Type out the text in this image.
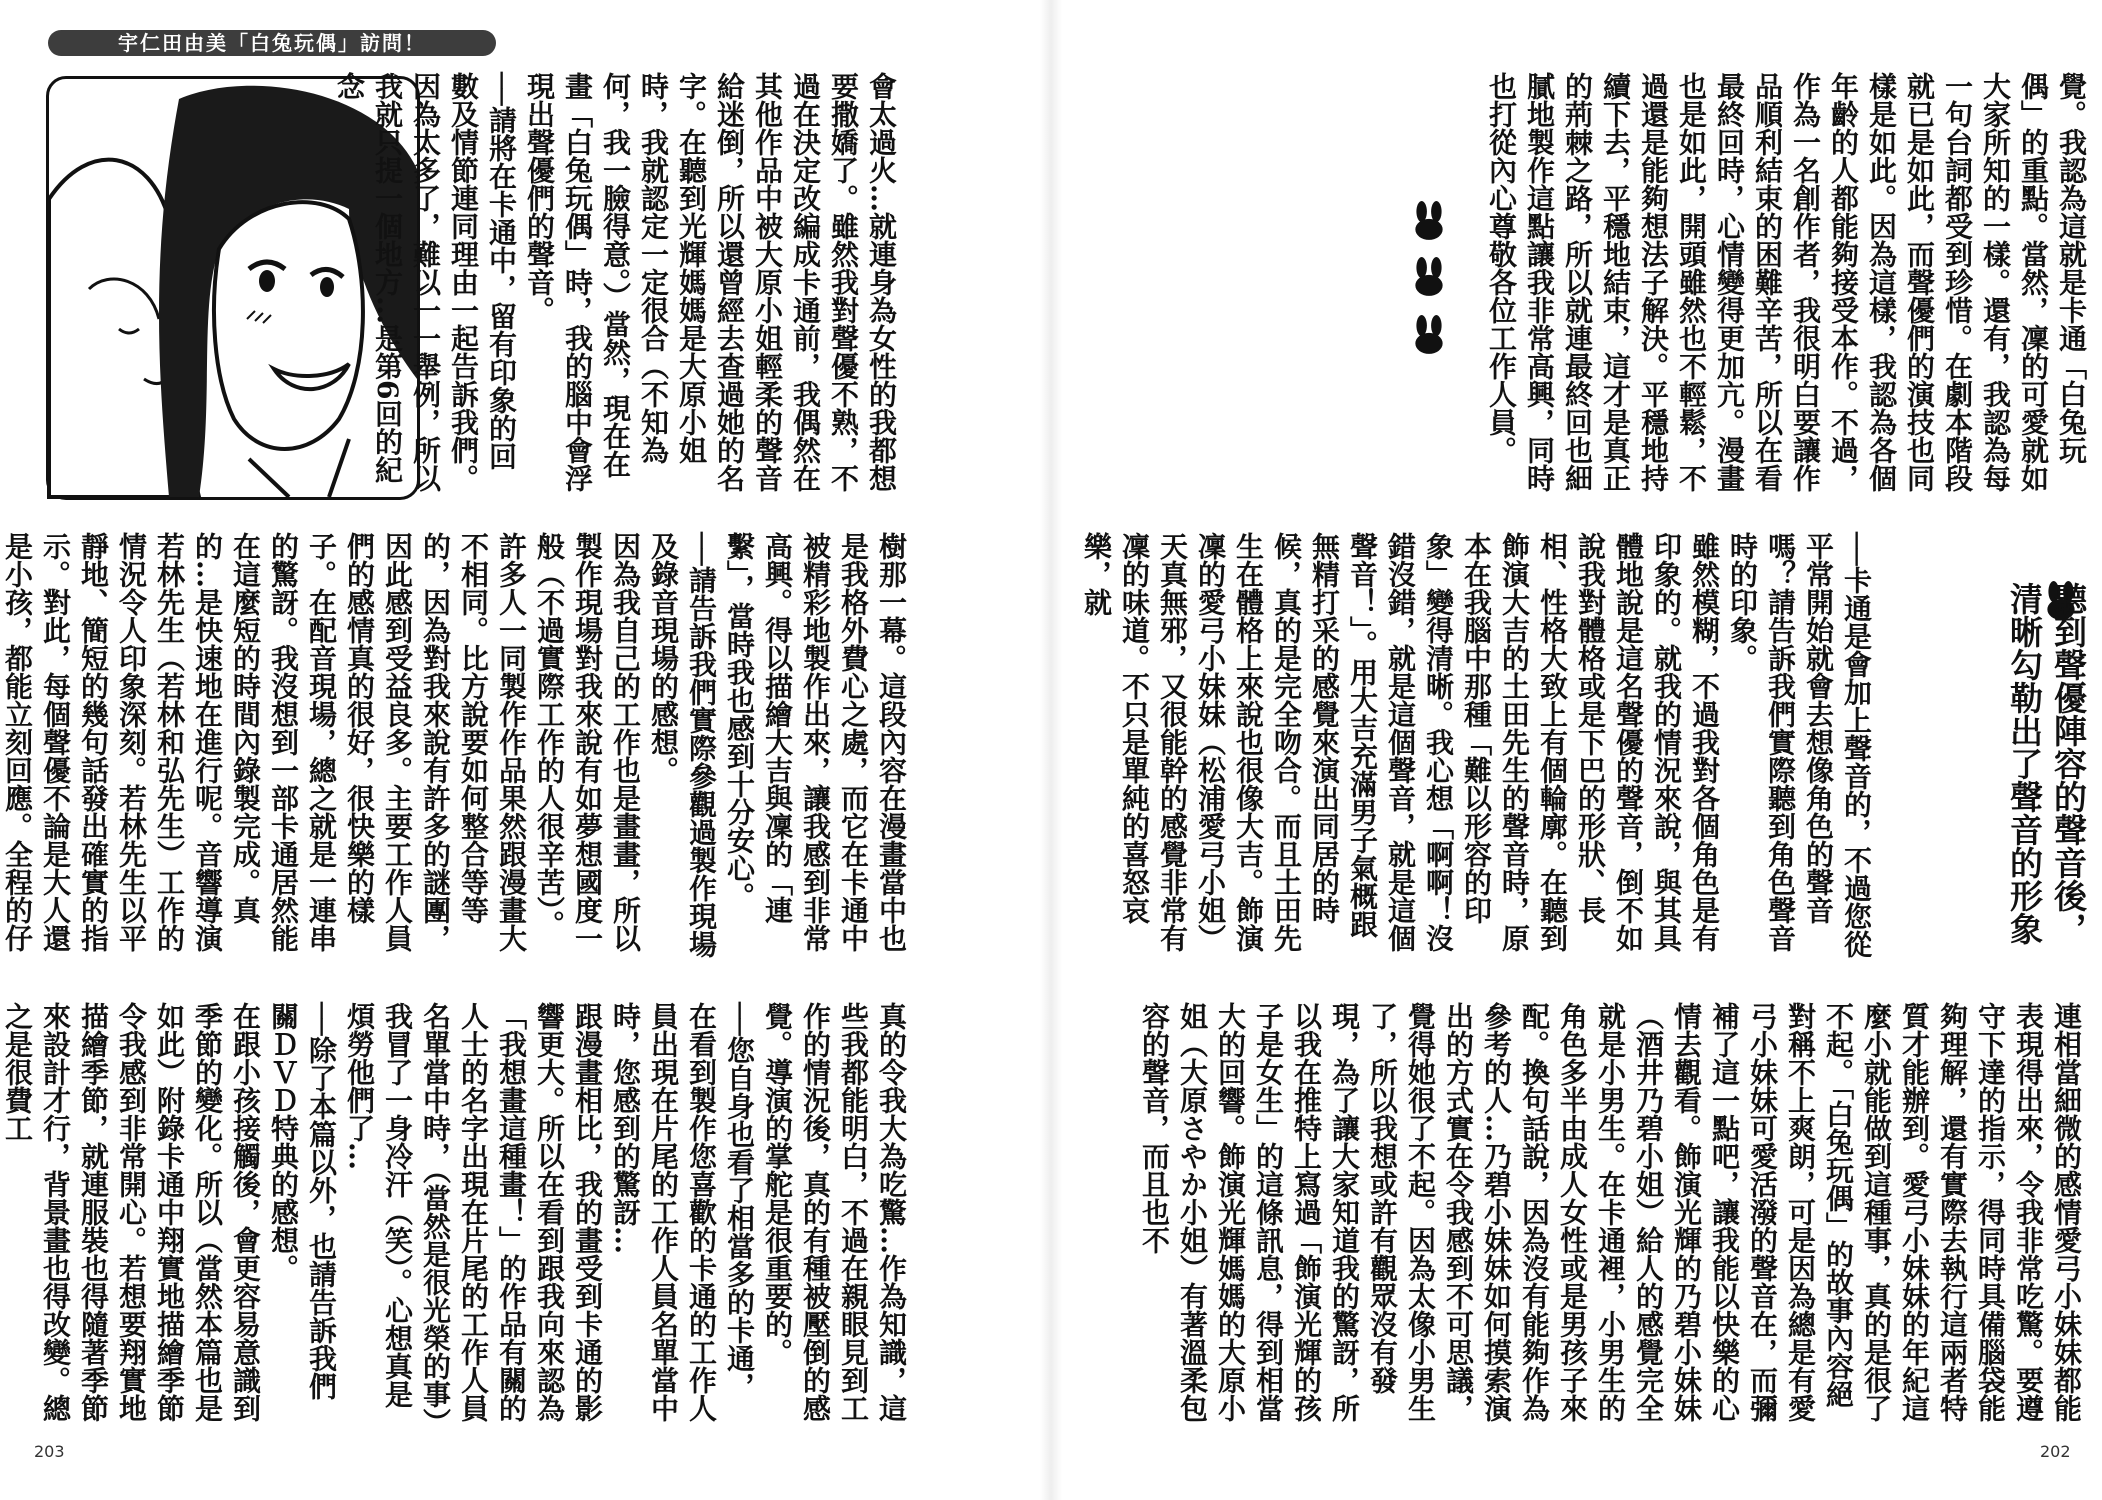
宇仁田由美「白兔玩偶」訪問！
會太過火…就連身為女性的我都想要撒嬌了。雖然我對聲優不熟，不過在決定改編成卡通前，我偶然在其他作品中被大原小姐輕柔的聲音給迷倒，所以還曾經去查過她的名字。在聽到光輝媽媽是大原小姐時，我就認定一定很合（不知為何，我一臉得意。）當然，現在在畫「白兔玩偶」時，我的腦中會浮現出聲優們的聲音。
──請將在卡通中，留有印象的回數及情節連同理由一起告訴我們。
因為太多了，難以一一舉例，所以我就只提一個地方…是第6回的紀念
樹那一幕。這段內容在漫畫當中也是我格外費心之處，而它在卡通中被精彩地製作出來，讓我感到非常高興。得以描繪大吉與凜的「連繫」，當時我也感到十分安心。
──請告訴我們實際參觀過製作現場及錄音現場的感想。
因為我自己的工作也是畫畫，所以製作現場對我來說有如夢想國度一般（不過實際工作的人很辛苦）。許多人一同製作作品果然跟漫畫大不相同。比方說要如何整合等等的，因為對我來說有許多的謎團，因此感到受益良多。主要工作人員們的感情真的很好，很快樂的樣子。在配音現場，總之就是一連串的驚訝。我沒想到一部卡通居然能在這麼短的時間內錄製完成。真的…是快速地在進行呢。音響導演若林先生（若林和弘先生）工作的情況令人印象深刻。若林先生以平靜地、簡短的幾句話發出確實的指示。對此，每個聲優不論是大人還是小孩，都能立刻回應。全程的仔
真的令我大為吃驚…作為知識，這些我都能明白，不過在親眼見到工作的情況後，真的有種被壓倒的感覺。導演的掌舵是很重要的。
──您自身也看了相當多的卡通，在看到製作您喜歡的卡通的工作人員出現在片尾的工作人員名單當中時，您感到的驚訝…
跟漫畫相比，我的畫受到卡通的影響更大。所以在看到跟我向來認為「我想畫這種畫！」的作品有關的人士的名字出現在片尾的工作人員名單當中時，（當然是很光榮的事）我冒了一身冷汗（笑）。心想真是煩勞他們了…
──除了本篇以外，也請告訴我們關ＤＶＤ特典的感想。
在跟小孩接觸後，會更容易意識到季節的變化。所以（當然本篇也是如此）附錄卡通中翔實地描繪季節令我感到非常開心。若想要翔實地描繪季節，就連服裝也得隨著季節來設計才行，背景畫也得改變。總之是很費工
203
覺。我認為這就是卡通「白兔玩偶」的重點。當然，凜的可愛就如大家所知的一樣。還有，我認為每一句台詞都受到珍惜。在劇本階段就已是如此，而聲優們的演技也同樣是如此。因為這樣，我認為各個年齡的人都能夠接受本作。不過，作為一名創作者，我很明白要讓作品順利結束的困難辛苦，所以在看最終回時，心情變得更加亢。漫畫也是如此，開頭雖然也不輕鬆，不過還是能夠想法子解決。平穩地持續下去，平穩地結束，這才是真正的荊棘之路，所以就連最終回也細膩地製作這點讓我非常高興，同時也打從內心尊敬各位工作人員。
聽到聲優陣容的聲音後，清晰勾勒出了聲音的形象
──卡通是會加上聲音的，不過您從平常開始就會去想像角色的聲音嗎？請告訴我們實際聽到角色聲音時的印象。
雖然模糊，不過我對各個角色是有印象的。就我的情況來說，與其具體地說是這名聲優的聲音，倒不如說我對體格或是下巴的形狀、長相、性格大致上有個輪廓。在聽到飾演大吉的土田先生的聲音時，原本在我腦中那種「難以形容的印象」變得清晰。我心想「啊啊！沒錯沒錯，就是這個聲音，就是這個聲音！」。用大吉充滿男子氣概跟無精打采的感覺來演出同居的時候，真的是完全吻合。而且土田先生在體格上來說也很像大吉。飾演凜的愛弓小妹妹（松浦愛弓小姐）天真無邪，又很能幹的感覺非常有凜的味道。不只是單純的喜怒哀樂，就
連相當細微的感情愛弓小妹妹都能表現得出來，令我非常吃驚。要遵守下達的指示，得同時具備腦袋能夠理解，還有實際去執行這兩者特質才能辦到。愛弓小妹妹的年紀這麼小就能做到這種事，真的是很了不起。「白兔玩偶」的故事內容絕對稱不上爽朗，可是因為總是有愛弓小妹妹可愛活潑的聲音在，而彌補了這一點吧，讓我能以快樂的心情去觀看。飾演光輝的乃碧小妹妹（酒井乃碧小姐）給人的感覺完全就是小男生。在卡通裡，小男生的角色多半由成人女性或是男孩子來配。換句話說，因為沒有能夠作為參考的人…乃碧小妹妹如何摸索演出的方式實在令我感到不可思議，覺得她很了不起。因為太像小男生了，所以我想或許有觀眾沒有發現，為了讓大家知道我的驚訝，所以我在推特上寫過「飾演光輝的孩子是女生」的這條訊息，得到相當大的回響。飾演光輝媽媽的大原小姐（大原さやか小姐）有著溫柔包容的聲音，而且也不
202
